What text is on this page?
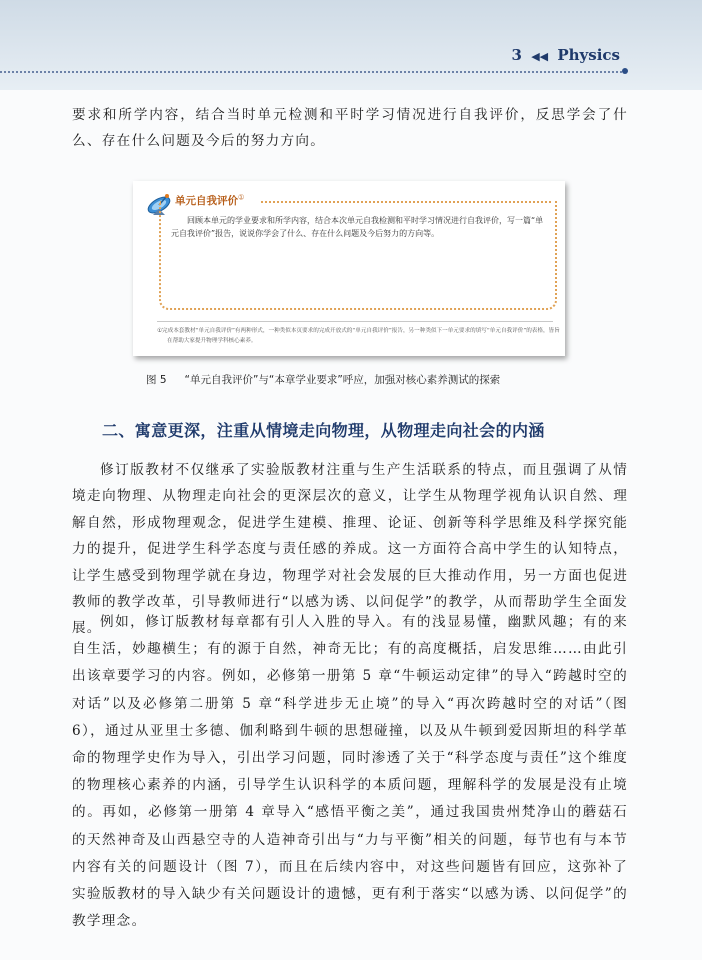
3 ◀◀ Physics

要求和所学内容，结合当时单元检测和平时学习情况进行自我评价，反思学会了什么、存在什么问题及今后的努力方向。

单元自我评价①

回顾本单元的学业要求和所学内容，结合本次单元自我检测和平时学习情况进行自我评价，写一篇“单元自我评价”报告，说说你学会了什么、存在什么问题及今后努力的方向等。

①完成本套教材“单元自我评价”有两种形式，一种类似本页要求的完成开放式的“单元自我评价”报告，另一种类似下一单元要求的填写“单元自我评价”的表格，皆旨在帮助大家提升物理学科核心素养。

图 5 “单元自我评价”与“本章学业要求”呼应，加强对核心素养测试的探索
二、寓意更深，注重从情境走向物理，从物理走向社会的内涵

修订版教材不仅继承了实验版教材注重与生产生活联系的特点，而且强调了从情境走向物理、从物理走向社会的更深层次的意义，让学生从物理学视角认识自然、理解自然，形成物理观念，促进学生建模、推理、论证、创新等科学思维及科学探究能力的提升，促进学生科学态度与责任感的养成。这一方面符合高中学生的认知特点，让学生感受到物理学就在身边，物理学对社会发展的巨大推动作用，另一方面也促进教师的教学改革，引导教师进行“以感为诱、以问促学”的教学，从而帮助学生全面发展。

例如，修订版教材每章都有引人入胜的导入。有的浅显易懂，幽默风趣；有的来自生活，妙趣横生；有的源于自然，神奇无比；有的高度概括，启发思维……由此引出该章要学习的内容。例如，必修第一册第 5 章“牛顿运动定律”的导入“跨越时空的对话”以及必修第二册第 5 章“科学进步无止境”的导入“再次跨越时空的对话”（图 6），通过从亚里士多德、伽利略到牛顿的思想碰撞，以及从牛顿到爱因斯坦的科学革命的物理学史作为导入，引出学习问题，同时渗透了关于“科学态度与责任”这个维度的物理核心素养的内涵，引导学生认识科学的本质问题，理解科学的发展是没有止境的。再如，必修第一册第 4 章导入“感悟平衡之美”，通过我国贵州梵净山的蘑菇石的天然神奇及山西悬空寺的人造神奇引出与“力与平衡”相关的问题，每节也有与本节内容有关的问题设计（图 7），而且在后续内容中，对这些问题皆有回应，这弥补了实验版教材的导入缺少有关问题设计的遗憾，更有利于落实“以感为诱、以问促学”的教学理念。
